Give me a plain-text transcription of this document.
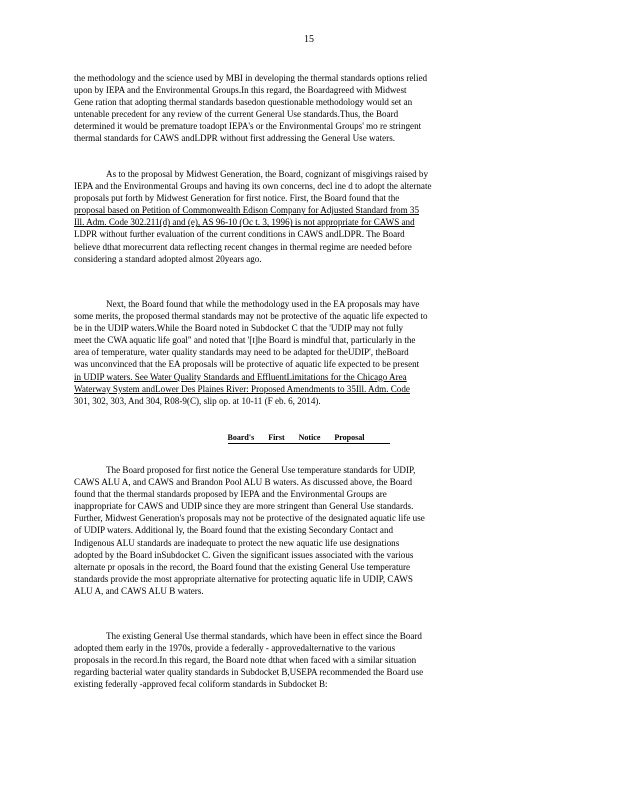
15
the methodology and the science used by MBI in developing the thermal standards options relied
upon by IEPA and the Environmental Groups.In this regard, the Boardagreed with Midwest
Gene ration that adopting thermal standards basedon questionable methodology would set an
untenable precedent for any review of the current General Use standards.Thus, the Board
determined it would be premature toadopt IEPA's or the Environmental Groups' mo re stringent
thermal standards for CAWS andLDPR without first addressing the General Use waters.
As to the proposal by Midwest Generation, the Board, cognizant of misgivings raised by
IEPA and the Environmental Groups and having its own concerns, decl ine d to adopt the alternate
proposals put forth by Midwest Generation for first notice. First, the Board found that the
proposal based on Petition of Commonwealth Edison Company for Adjusted Standard from 35
Ill. Adm. Code 302.211(d) and (e), AS 96-10 (Oc t. 3, 1996) is not appropriate for CAWS and
LDPR without further evaluation of the current conditions in CAWS andLDPR. The Board
believe dthat morecurrent data reflecting recent changes in thermal regime are needed before
considering a standard adopted almost 20years ago.
Next, the Board found that while the methodology used in the EA proposals may have
some merits, the proposed thermal standards may not be protective of the aquatic life expected to
be in the UDIP waters.While the Board noted in Subdocket C that the 'UDIP may not fully
meet the CWA aquatic life goal" and noted that '[t]he Board is mindful that, particularly in the
area of temperature, water quality standards may need to be adapted for theUDIP', theBoard
was unconvinced that the EA proposals will be protective of aquatic life expected to be present
in UDIP waters. See Water Quality Standards and EffluentLimitations for the Chicago Area
Waterway System andLower Des Plaines River: Proposed Amendments to 35Ill. Adm. Code
301, 302, 303, And 304, R08-9(C), slip op. at 10-11 (F eb. 6, 2014).
Board's First Notice Proposal
The Board proposed for first notice the General Use temperature standards for UDIP,
CAWS ALU A, and CAWS and Brandon Pool ALU B waters. As discussed above, the Board
found that the thermal standards proposed by IEPA and the Environmental Groups are
inappropriate for CAWS and UDIP since they are more stringent than General Use standards.
Further, Midwest Generation's proposals may not be protective of the designated aquatic life use
of UDIP waters. Additional ly, the Board found that the existing Secondary Contact and
Indigenous ALU standards are inadequate to protect the new aquatic life use designations
adopted by the Board inSubdocket C. Given the significant issues associated with the various
alternate pr oposals in the record, the Board found that the existing General Use temperature
standards provide the most appropriate alternative for protecting aquatic life in UDIP, CAWS
ALU A, and CAWS ALU B waters.
The existing General Use thermal standards, which have been in effect since the Board
adopted them early in the 1970s, provide a federally - approvedalternative to the various
proposals in the record.In this regard, the Board note dthat when faced with a similar situation
regarding bacterial water quality standards in Subdocket B,USEPA recommended the Board use
existing federally -approved fecal coliform standards in Subdocket B:
